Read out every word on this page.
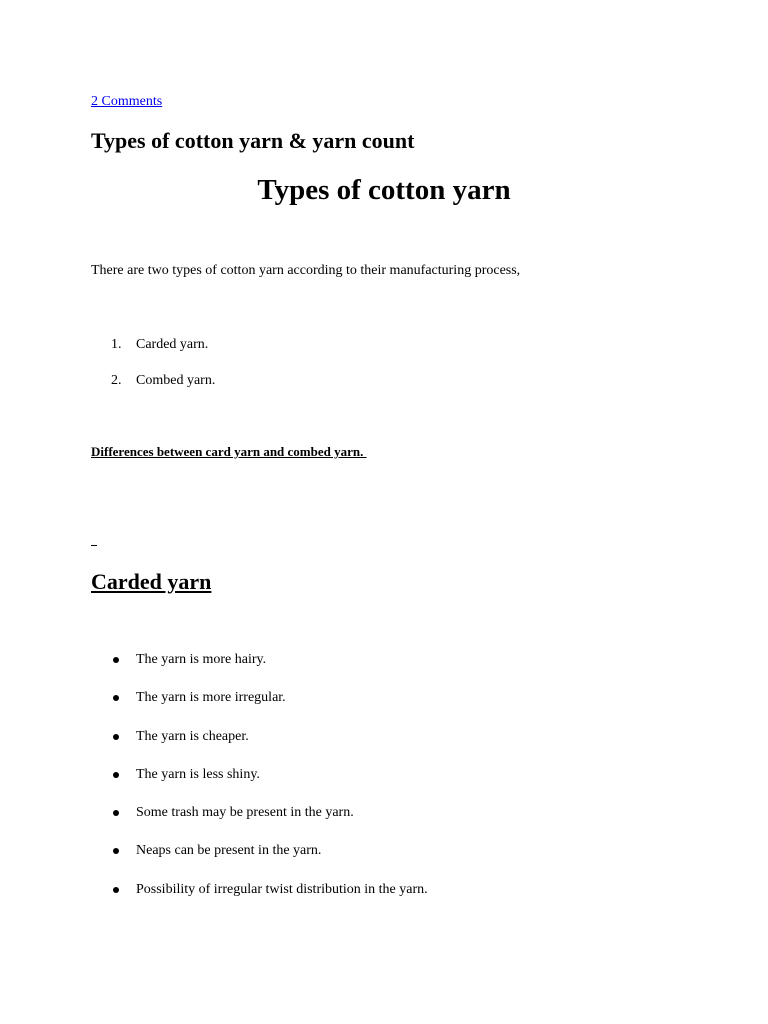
2 Comments
Types of cotton yarn & yarn count
Types of cotton yarn

There are two types of cotton yarn according to their manufacturing process,

1. Carded yarn.
2. Combed yarn.

Differences between card yarn and combed yarn.

Carded yarn
The yarn is more hairy.
The yarn is more irregular.
The yarn is cheaper.
The yarn is less shiny.
Some trash may be present in the yarn.
Neaps can be present in the yarn.
Possibility of irregular twist distribution in the yarn.
